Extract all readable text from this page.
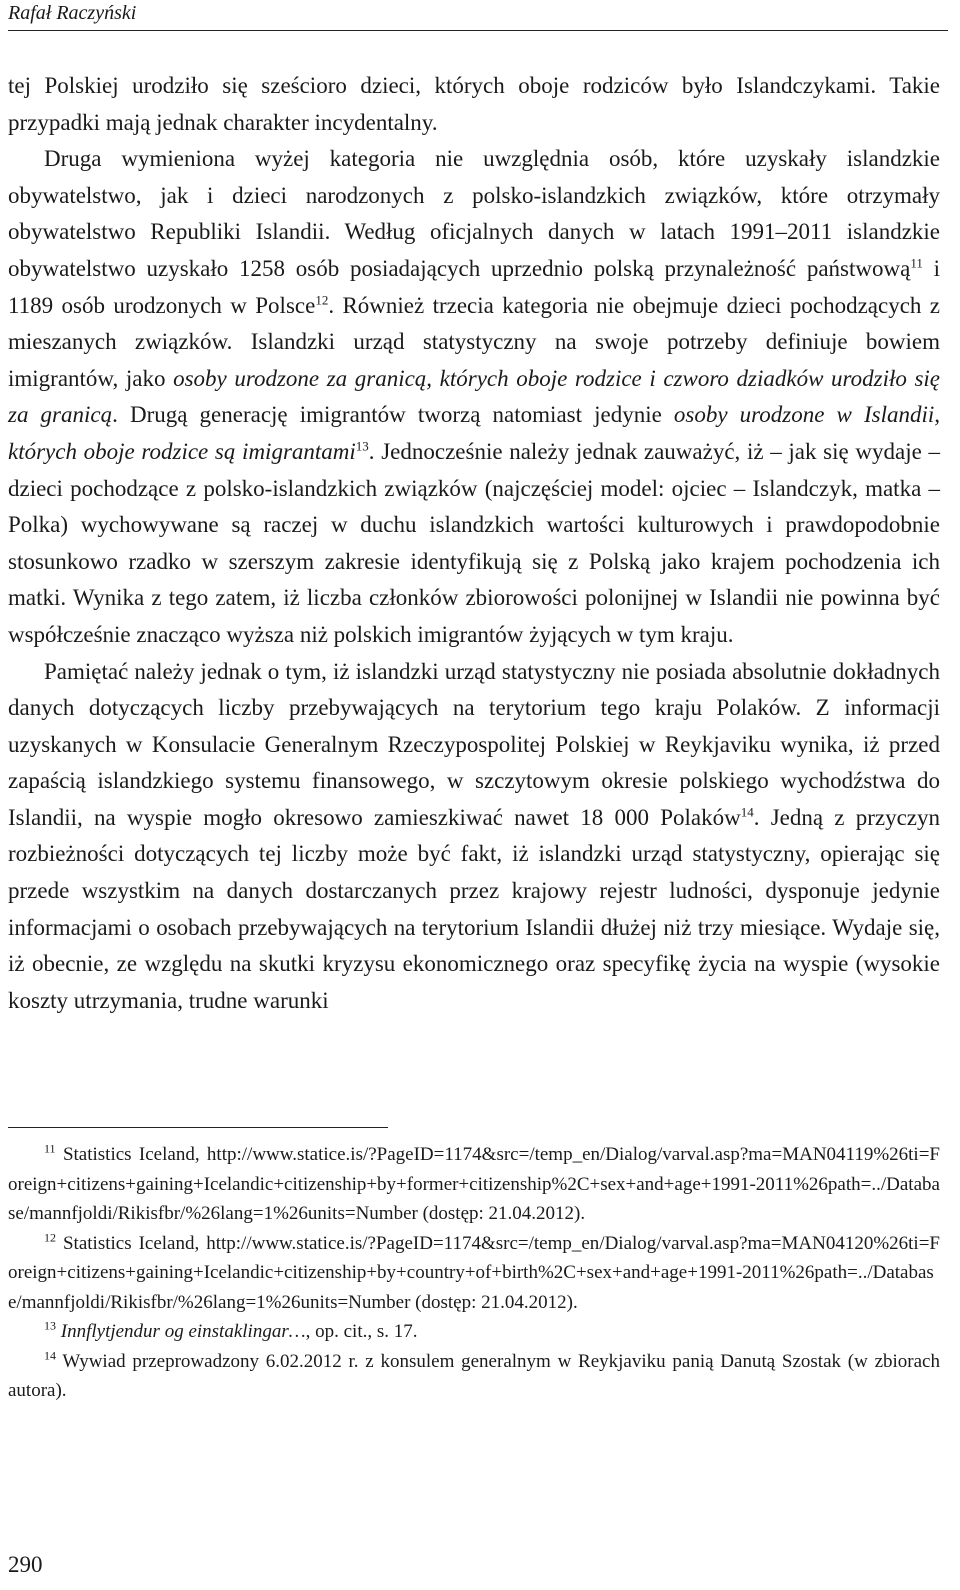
Rafał Raczyński

tej Polskiej urodziło się sześcioro dzieci, których oboje rodziców było Islandczykami. Takie przypadki mają jednak charakter incydentalny.

Druga wymieniona wyżej kategoria nie uwzględnia osób, które uzyskały islandzkie obywatelstwo, jak i dzieci narodzonych z polsko-islandzkich związków, które otrzymały obywatelstwo Republiki Islandii. Według oficjalnych danych w latach 1991–2011 islandzkie obywatelstwo uzyskało 1258 osób posiadających uprzednio polską przynależność państwową$^{11}$ i 1189 osób urodzonych w Polsce$^{12}$. Również trzecia kategoria nie obejmuje dzieci pochodzących z mieszanych związków. Islandzki urząd statystyczny na swoje potrzeby definiuje bowiem imigrantów, jako osoby urodzone za granicą, których oboje rodzice i czworo dziadków urodziło się za granicą. Drugą generację imigrantów tworzą natomiast jedynie osoby urodzone w Islandii, których oboje rodzice są imigrantami$^{13}$. Jednocześnie należy jednak zauważyć, iż – jak się wydaje – dzieci pochodzące z polsko-islandzkich związków (najczęściej model: ojciec – Islandczyk, matka – Polka) wychowywane są raczej w duchu islandzkich wartości kulturowych i prawdopodobnie stosunkowo rzadko w szerszym zakresie identyfikują się z Polską jako krajem pochodzenia ich matki. Wynika z tego zatem, iż liczba członków zbiorowości polonijnej w Islandii nie powinna być współcześnie znacząco wyższa niż polskich imigrantów żyjących w tym kraju.

Pamiętać należy jednak o tym, iż islandzki urząd statystyczny nie posiada absolutnie dokładnych danych dotyczących liczby przebywających na terytorium tego kraju Polaków. Z informacji uzyskanych w Konsulacie Generalnym Rzeczypospolitej Polskiej w Reykjaviku wynika, iż przed zapaścią islandzkiego systemu finansowego, w szczytowym okresie polskiego wychodźstwa do Islandii, na wyspie mogło okresowo zamieszkiwać nawet 18 000 Polaków$^{14}$. Jedną z przyczyn rozbieżności dotyczących tej liczby może być fakt, iż islandzki urząd statystyczny, opierając się przede wszystkim na danych dostarczanych przez krajowy rejestr ludności, dysponuje jedynie informacjami o osobach przebywających na terytorium Islandii dłużej niż trzy miesiące. Wydaje się, iż obecnie, ze względu na skutki kryzysu ekonomicznego oraz specyfikę życia na wyspie (wysokie koszty utrzymania, trudne warunki

$^{11}$ Statistics Iceland, http://www.statice.is/?PageID=1174&src=/temp_en/Dialog/varval.asp?ma=MAN04119%26ti=Foreign+citizens+gaining+Icelandic+citizenship+by+former+citizenship%2C+sex+and+age+1991-2011%26path=../Database/mannfjoldi/Rikisfbr/%26lang=1%26units=Number (dostęp: 21.04.2012).

$^{12}$ Statistics Iceland, http://www.statice.is/?PageID=1174&src=/temp_en/Dialog/varval.asp?ma=MAN04120%26ti=Foreign+citizens+gaining+Icelandic+citizenship+by+country+of+birth%2C+sex+and+age+1991-2011%26path=../Database/mannfjoldi/Rikisfbr/%26lang=1%26units=Number (dostęp: 21.04.2012).

$^{13}$ Innflytjendur og einstaklingar…, op. cit., s. 17.

$^{14}$ Wywiad przeprowadzony 6.02.2012 r. z konsulem generalnym w Reykjaviku panią Danutą Szostak (w zbiorach autora).

290
